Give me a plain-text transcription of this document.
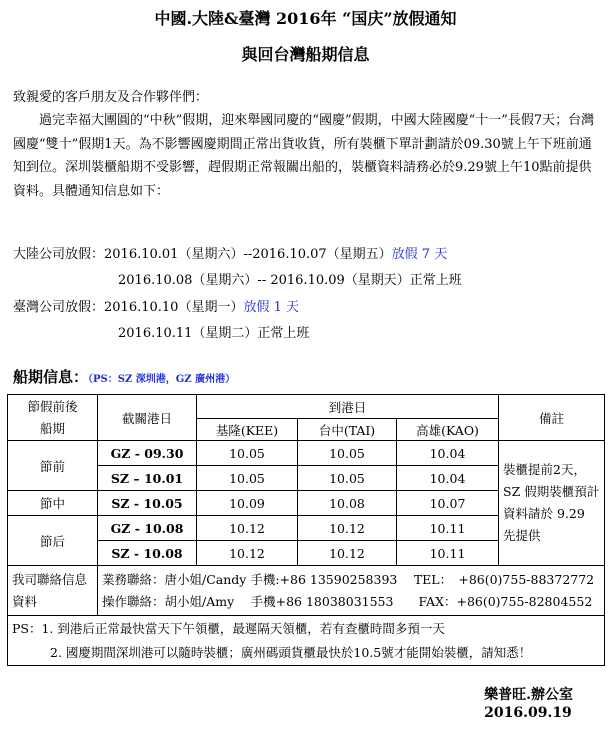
中國.大陸&臺灣 2016年 “国庆”放假通知
與回台灣船期信息
致親愛的客戶朋友及合作夥伴們：
過完幸福大團圓的“中秋”假期，迎來舉國同慶的“國慶”假期，中國大陸國慶“十一”長假7天；台灣國慶“雙十”假期1天。為不影響國慶期間正常出貨收貨，所有裝櫃下單計劃請於09.30號上午下班前通知到位。深圳裝櫃船期不受影響，趕假期正常報關出船的，裝櫃資料請務必於9.29號上午10點前提供資料。具體通知信息如下：
大陸公司放假：2016.10.01（星期六）--2016.10.07（星期五）放假 7 天
2016.10.08（星期六）-- 2016.10.09（星期天）正常上班
臺灣公司放假：2016.10.10（星期一）放假 1 天
2016.10.11（星期二）正常上班
船期信息：（PS：SZ 深圳港，GZ 廣州港）
節假前後船期	截關港日	到港日			備註
		基隆(KEE)	台中(TAI)	高雄(KAO)	
節前	GZ - 09.30	10.05	10.05	10.04	裝櫃提前2天，SZ 假期裝櫃預計資料請於 9.29 先提供
	SZ – 10.01	10.05	10.05	10.04	
節中	SZ - 10.05	10.09	10.08	10.07	
節后	GZ - 10.08	10.12	10.12	10.11	
	SZ - 10.08	10.12	10.12	10.11	
我司聯絡信息資料	業務聯絡：唐小姐/Candy 手機:+86 13590258393　 TEL：　+86(0)755-88372772
操作聯絡：胡小姐/Amy　 手機+86 18038031553　　FAX：+86(0)755-82804552				

PS：1. 到港后正常最快當天下午領櫃，最遲隔天領櫃，若有查櫃時間多預一天
2. 國慶期間深圳港可以隨時裝櫃；廣州碼頭貨櫃最快於10.5號才能開始裝櫃，請知悉！					
樂普旺.辦公室
2016.09.19
